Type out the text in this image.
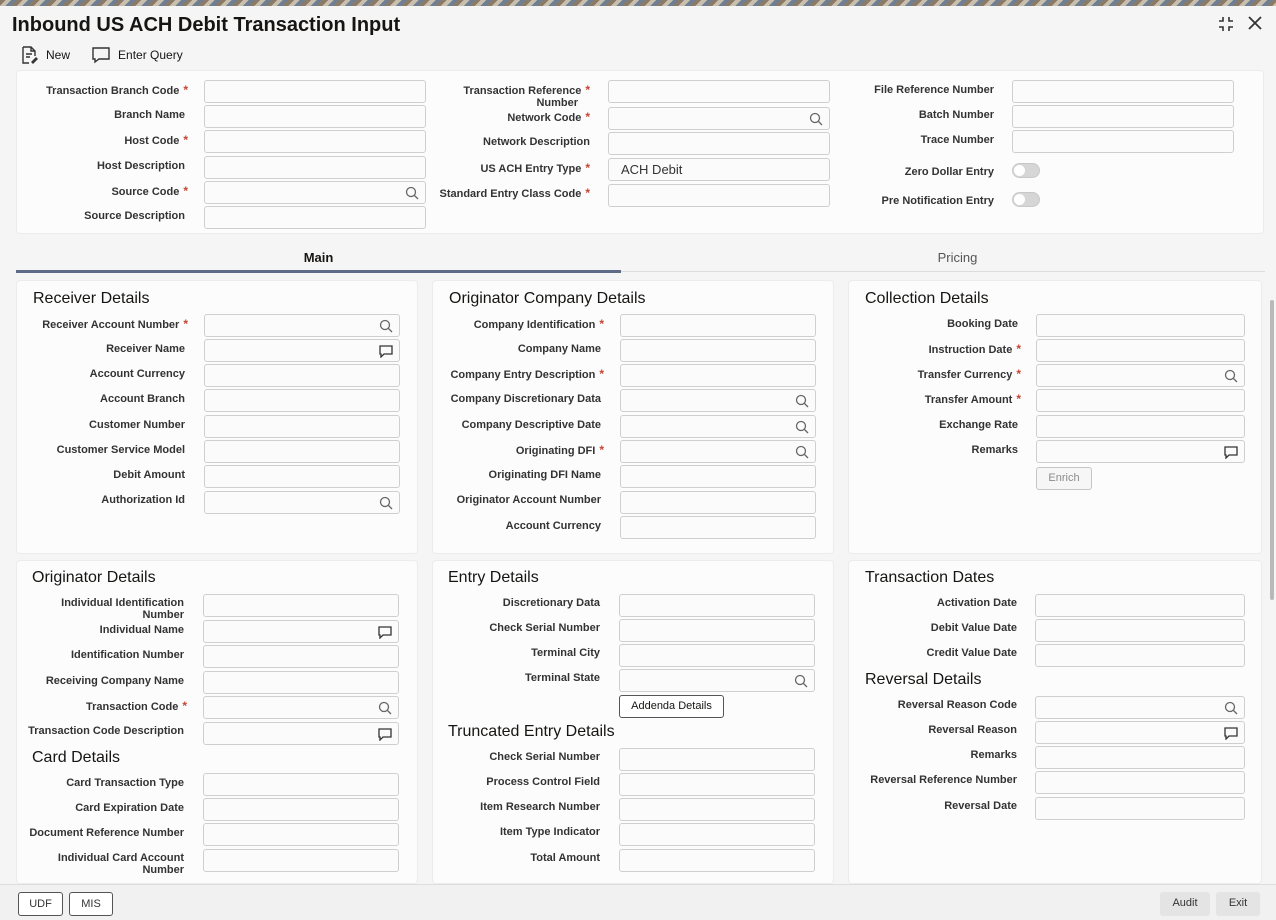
Inbound US ACH Debit Transaction Input
New	Enter Query
Transaction Branch Code *
Branch Name
Host Code *
Host Description
Source Code *
Source Description
Transaction Reference *
Number
Network Code *
Network Description
US ACH Entry Type *	ACH Debit
Standard Entry Class Code *
File Reference Number
Batch Number
Trace Number
Zero Dollar Entry
Pre Notification Entry
Main	Pricing
Receiver Details
Receiver Account Number *
Receiver Name
Account Currency
Account Branch
Customer Number
Customer Service Model
Debit Amount
Authorization Id
Originator Company Details
Company Identification *
Company Name
Company Entry Description *
Company Discretionary Data
Company Descriptive Date
Originating DFI *
Originating DFI Name
Originator Account Number
Account Currency
Collection Details
Booking Date
Instruction Date *
Transfer Currency *
Transfer Amount *
Exchange Rate
Remarks
Enrich
Originator Details
Individual Identification
Number
Individual Name
Identification Number
Receiving Company Name
Transaction Code *
Transaction Code Description
Card Details
Card Transaction Type
Card Expiration Date
Document Reference Number
Individual Card Account
Number
Entry Details
Discretionary Data
Check Serial Number
Terminal City
Terminal State
Addenda Details
Truncated Entry Details
Check Serial Number
Process Control Field
Item Research Number
Item Type Indicator
Total Amount
Transaction Dates
Activation Date
Debit Value Date
Credit Value Date
Reversal Details
Reversal Reason Code
Reversal Reason
Remarks
Reversal Reference Number
Reversal Date
UDF	MIS	Audit	Exit
